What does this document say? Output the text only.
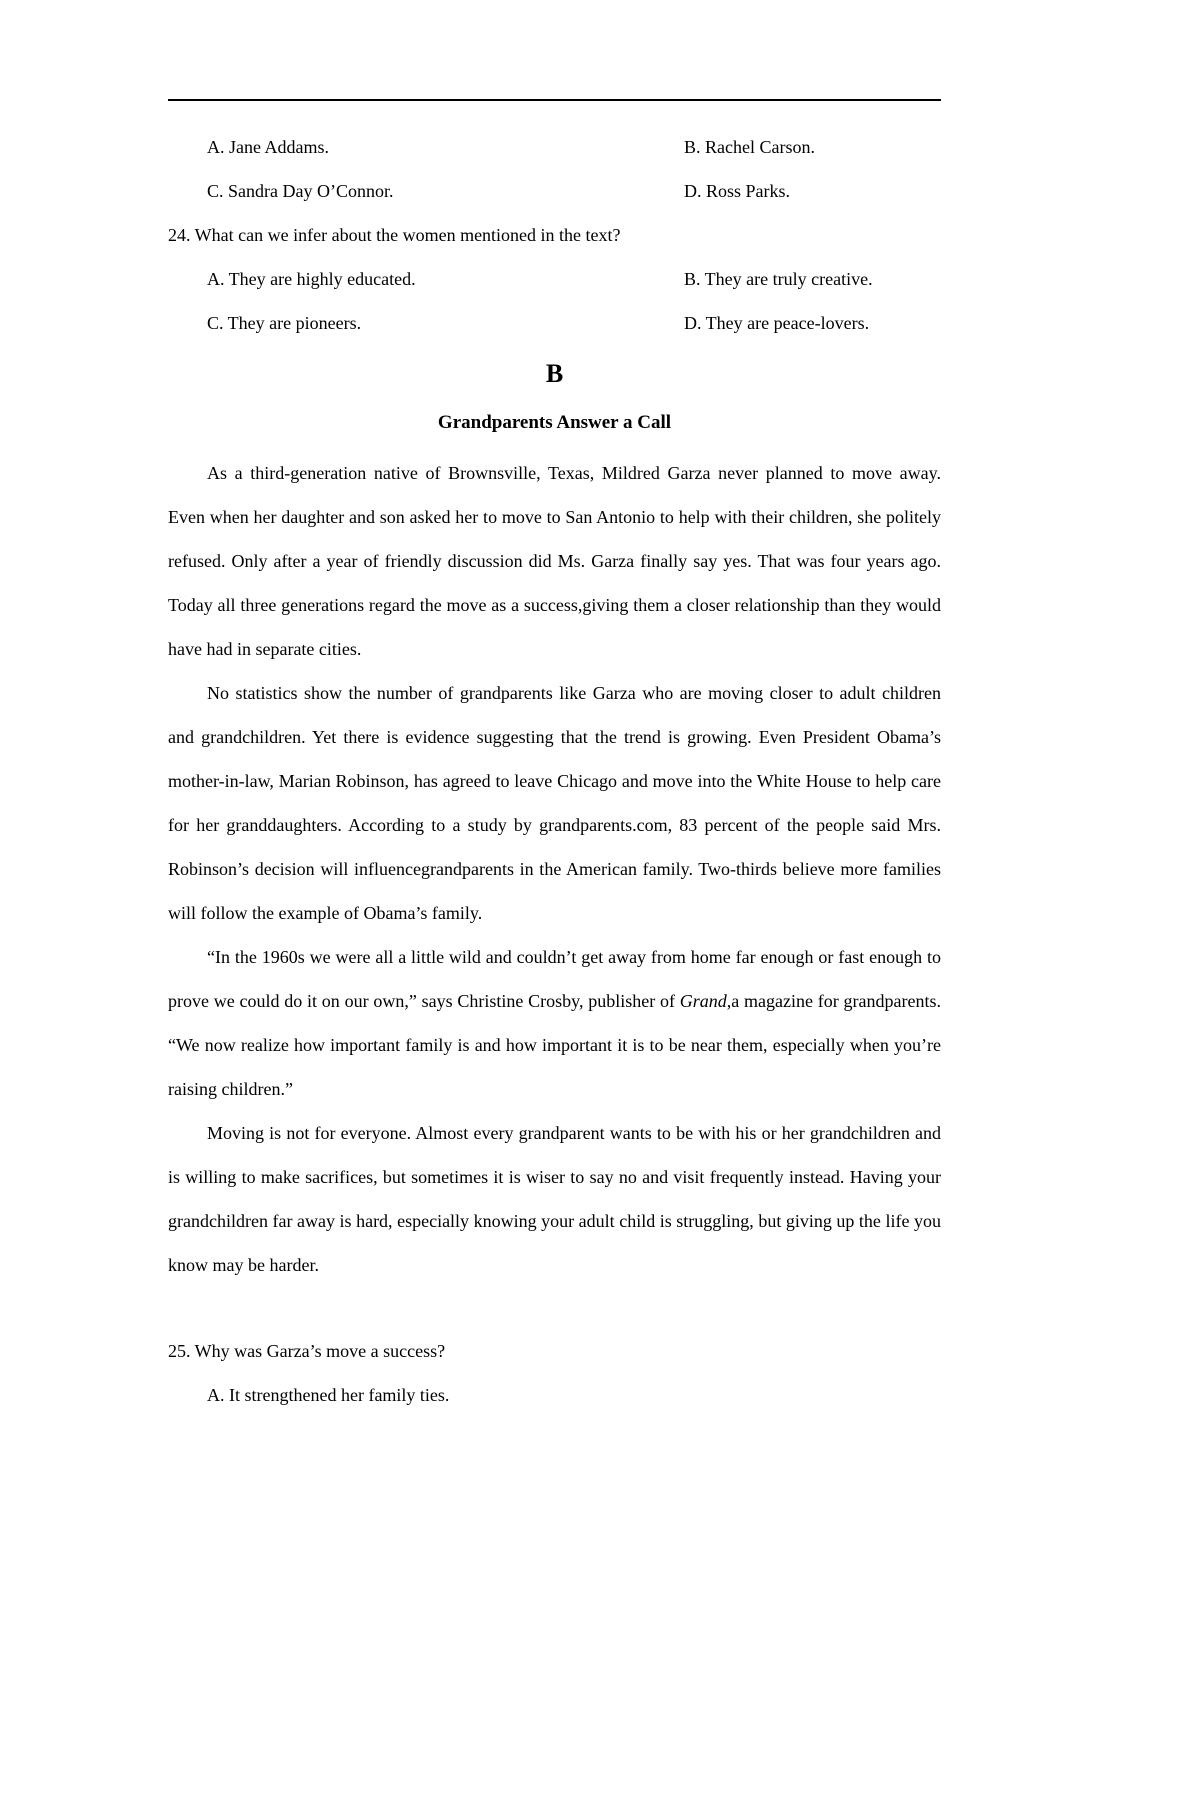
A. Jane Addams.	B. Rachel Carson.
C. Sandra Day O’Connor.	D. Ross Parks.
24. What can we infer about the women mentioned in the text?
A. They are highly educated.	B. They are truly creative.
C. They are pioneers.	D. They are peace-lovers.
B
Grandparents Answer a Call

As a third-generation native of Brownsville, Texas, Mildred Garza never planned to move away. Even when her daughter and son asked her to move to San Antonio to help with their children, she politely refused. Only after a year of friendly discussion did Ms. Garza finally say yes. That was four years ago. Today all three generations regard the move as a success,giving them a closer relationship than they would have had in separate cities.

No statistics show the number of grandparents like Garza who are moving closer to adult children and grandchildren. Yet there is evidence suggesting that the trend is growing. Even President Obama’s mother-in-law, Marian Robinson, has agreed to leave Chicago and move into the White House to help care for her granddaughters. According to a study by grandparents.com, 83 percent of the people said Mrs. Robinson’s decision will influencegrandparents in the American family. Two-thirds believe more families will follow the example of Obama’s family.

“In the 1960s we were all a little wild and couldn’t get away from home far enough or fast enough to prove we could do it on our own,” says Christine Crosby, publisher of Grand,a magazine for grandparents. “We now realize how important family is and how important it is to be near them, especially when you’re raising children.”

Moving is not for everyone. Almost every grandparent wants to be with his or her grandchildren and is willing to make sacrifices, but sometimes it is wiser to say no and visit frequently instead. Having your grandchildren far away is hard, especially knowing your adult child is struggling, but giving up the life you know may be harder.

25. Why was Garza’s move a success?
A. It strengthened her family ties.
